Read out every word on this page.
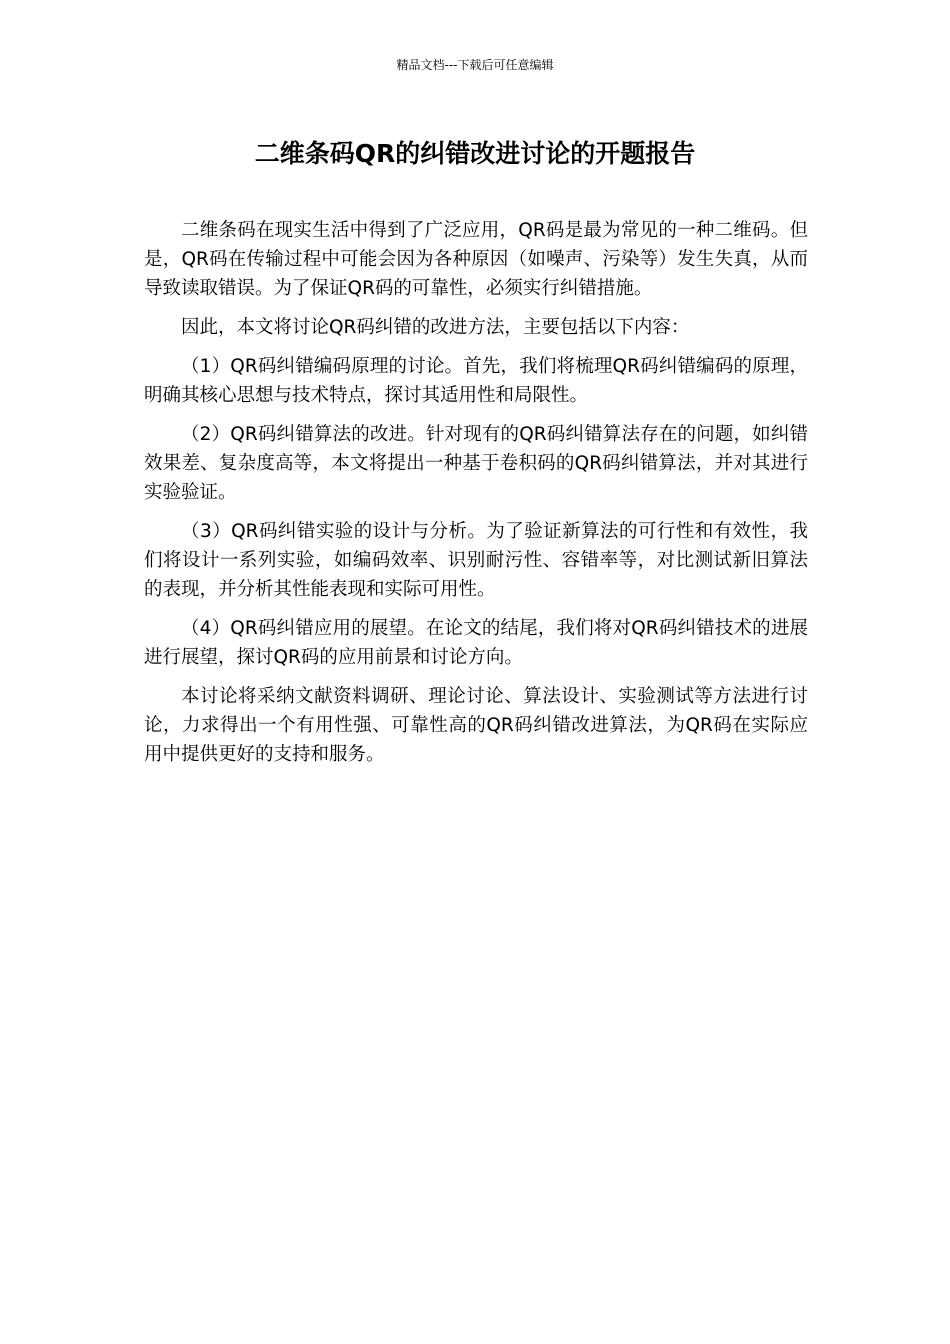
精品文档---下载后可任意编辑
二维条码QR的纠错改进讨论的开题报告

二维条码在现实生活中得到了广泛应用，QR码是最为常见的一种二维码。但是，QR码在传输过程中可能会因为各种原因（如噪声、污染等）发生失真，从而导致读取错误。为了保证QR码的可靠性，必须实行纠错措施。

因此，本文将讨论QR码纠错的改进方法，主要包括以下内容：

（1）QR码纠错编码原理的讨论。首先，我们将梳理QR码纠错编码的原理，明确其核心思想与技术特点，探讨其适用性和局限性。

（2）QR码纠错算法的改进。针对现有的QR码纠错算法存在的问题，如纠错效果差、复杂度高等，本文将提出一种基于卷积码的QR码纠错算法，并对其进行实验验证。

（3）QR码纠错实验的设计与分析。为了验证新算法的可行性和有效性，我们将设计一系列实验，如编码效率、识别耐污性、容错率等，对比测试新旧算法的表现，并分析其性能表现和实际可用性。

（4）QR码纠错应用的展望。在论文的结尾，我们将对QR码纠错技术的进展进行展望，探讨QR码的应用前景和讨论方向。

本讨论将采纳文献资料调研、理论讨论、算法设计、实验测试等方法进行讨论，力求得出一个有用性强、可靠性高的QR码纠错改进算法，为QR码在实际应用中提供更好的支持和服务。
